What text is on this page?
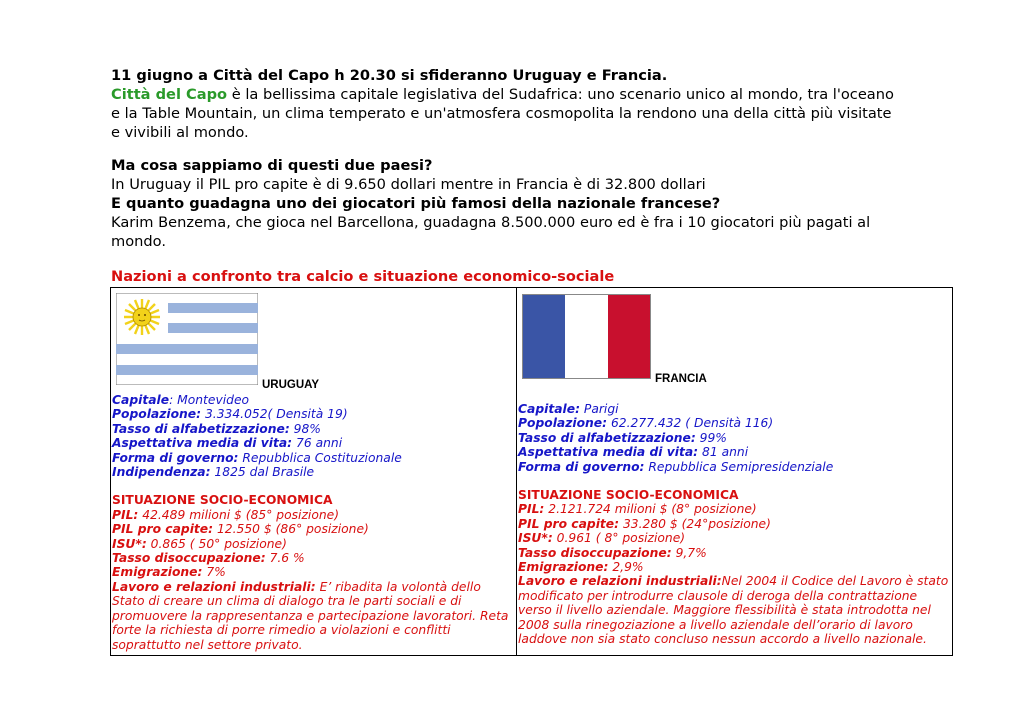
11 giugno a Città del Capo h 20.30 si sfideranno Uruguay e Francia.

Città del Capo è la bellissima capitale legislativa del Sudafrica: uno scenario unico al mondo, tra l'oceano e la Table Mountain, un clima temperato e un'atmosfera cosmopolita la rendono una della città più visitate e vivibili al mondo.

Ma cosa sappiamo di questi due paesi?

In Uruguay il PIL pro capite è di 9.650 dollari mentre in Francia è di 32.800 dollari

E quanto guadagna uno dei giocatori più famosi della nazionale francese?

Karim Benzema, che gioca nel Barcellona, guadagna 8.500.000 euro ed è fra i 10 giocatori più pagati al mondo.

Nazioni a confronto tra calcio e situazione economico-sociale
URUGUAY
Capitale: Montevideo
Popolazione: 3.334.052( Densità 19)
Tasso di alfabetizzazione: 98%
Aspettativa media di vita: 76 anni
Forma di governo: Repubblica Costituzionale
Indipendenza: 1825 dal Brasile
SITUAZIONE SOCIO-ECONOMICA
PIL: 42.489 milioni $ (85° posizione)
PIL pro capite: 12.550 $ (86° posizione)
ISU*: 0.865 ( 50° posizione)
Tasso disoccupazione: 7.6 %
Emigrazione: 7%
Lavoro e relazioni industriali: E’ ribadita la volontà dello Stato di creare un clima di dialogo tra le parti sociali e di promuovere la rappresentanza e partecipazione lavoratori. Reta forte la richiesta di porre rimedio a violazioni e conflitti soprattutto nel settore privato.

FRANCIA
Capitale: Parigi
Popolazione: 62.277.432 ( Densità 116)
Tasso di alfabetizzazione: 99%
Aspettativa media di vita: 81 anni
Forma di governo: Repubblica Semipresidenziale
SITUAZIONE SOCIO-ECONOMICA
PIL: 2.121.724 milioni $ (8° posizione)
PIL pro capite: 33.280 $ (24°posizione)
ISU*: 0.961 ( 8° posizione)
Tasso disoccupazione: 9,7%
Emigrazione: 2,9%
Lavoro e relazioni industriali:Nel 2004 il Codice del Lavoro è stato modificato per introdurre clausole di deroga della contrattazione verso il livello aziendale. Maggiore flessibilità è stata introdotta nel 2008 sulla rinegoziazione a livello aziendale dell’orario di lavoro laddove non sia stato concluso nessun accordo a livello nazionale.
